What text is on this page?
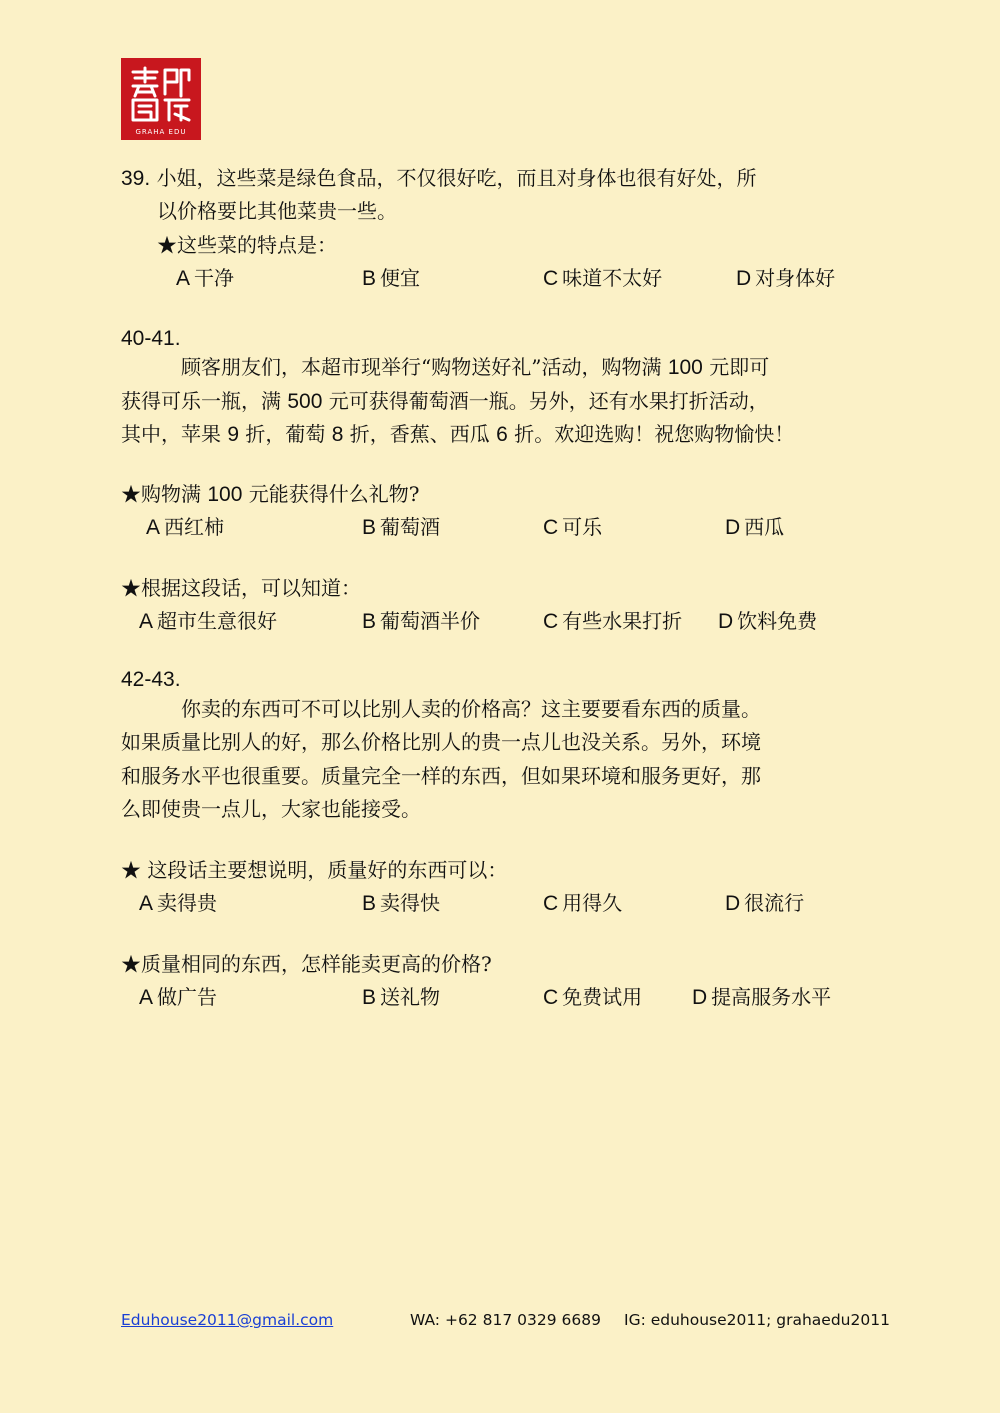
GRAHA EDU
39. 小姐，这些菜是绿色食品，不仅很好吃，而且对身体也很有好处，所
以价格要比其他菜贵一些。
★这些菜的特点是：
A 干净	B 便宜	C 味道不太好	D 对身体好
40-41.
顾客朋友们，本超市现举行“购物送好礼”活动，购物满 100 元即可
获得可乐一瓶，满 500 元可获得葡萄酒一瓶。另外，还有水果打折活动，
其中，苹果 9 折，葡萄 8 折，香蕉、西瓜 6 折。欢迎选购！祝您购物愉快！
★购物满 100 元能获得什么礼物?
A 西红柿	B 葡萄酒	C 可乐	D 西瓜
★根据这段话，可以知道：
A 超市生意很好	B 葡萄酒半价	C 有些水果打折 D 饮料免费
42-43.
你卖的东西可不可以比别人卖的价格高？这主要要看东西的质量。
如果质量比别人的好，那么价格比别人的贵一点儿也没关系。另外，环境
和服务水平也很重要。质量完全一样的东西，但如果环境和服务更好，那
么即使贵一点儿，大家也能接受。
★ 这段话主要想说明，质量好的东西可以：
A 卖得贵	B 卖得快	C 用得久	D 很流行
★质量相同的东西，怎样能卖更高的价格?
A 做广告	B 送礼物	C 免费试用 D 提高服务水平
Eduhouse2011@gmail.com	WA: +62 817 0329 6689 IG: eduhouse2011; grahaedu2011
